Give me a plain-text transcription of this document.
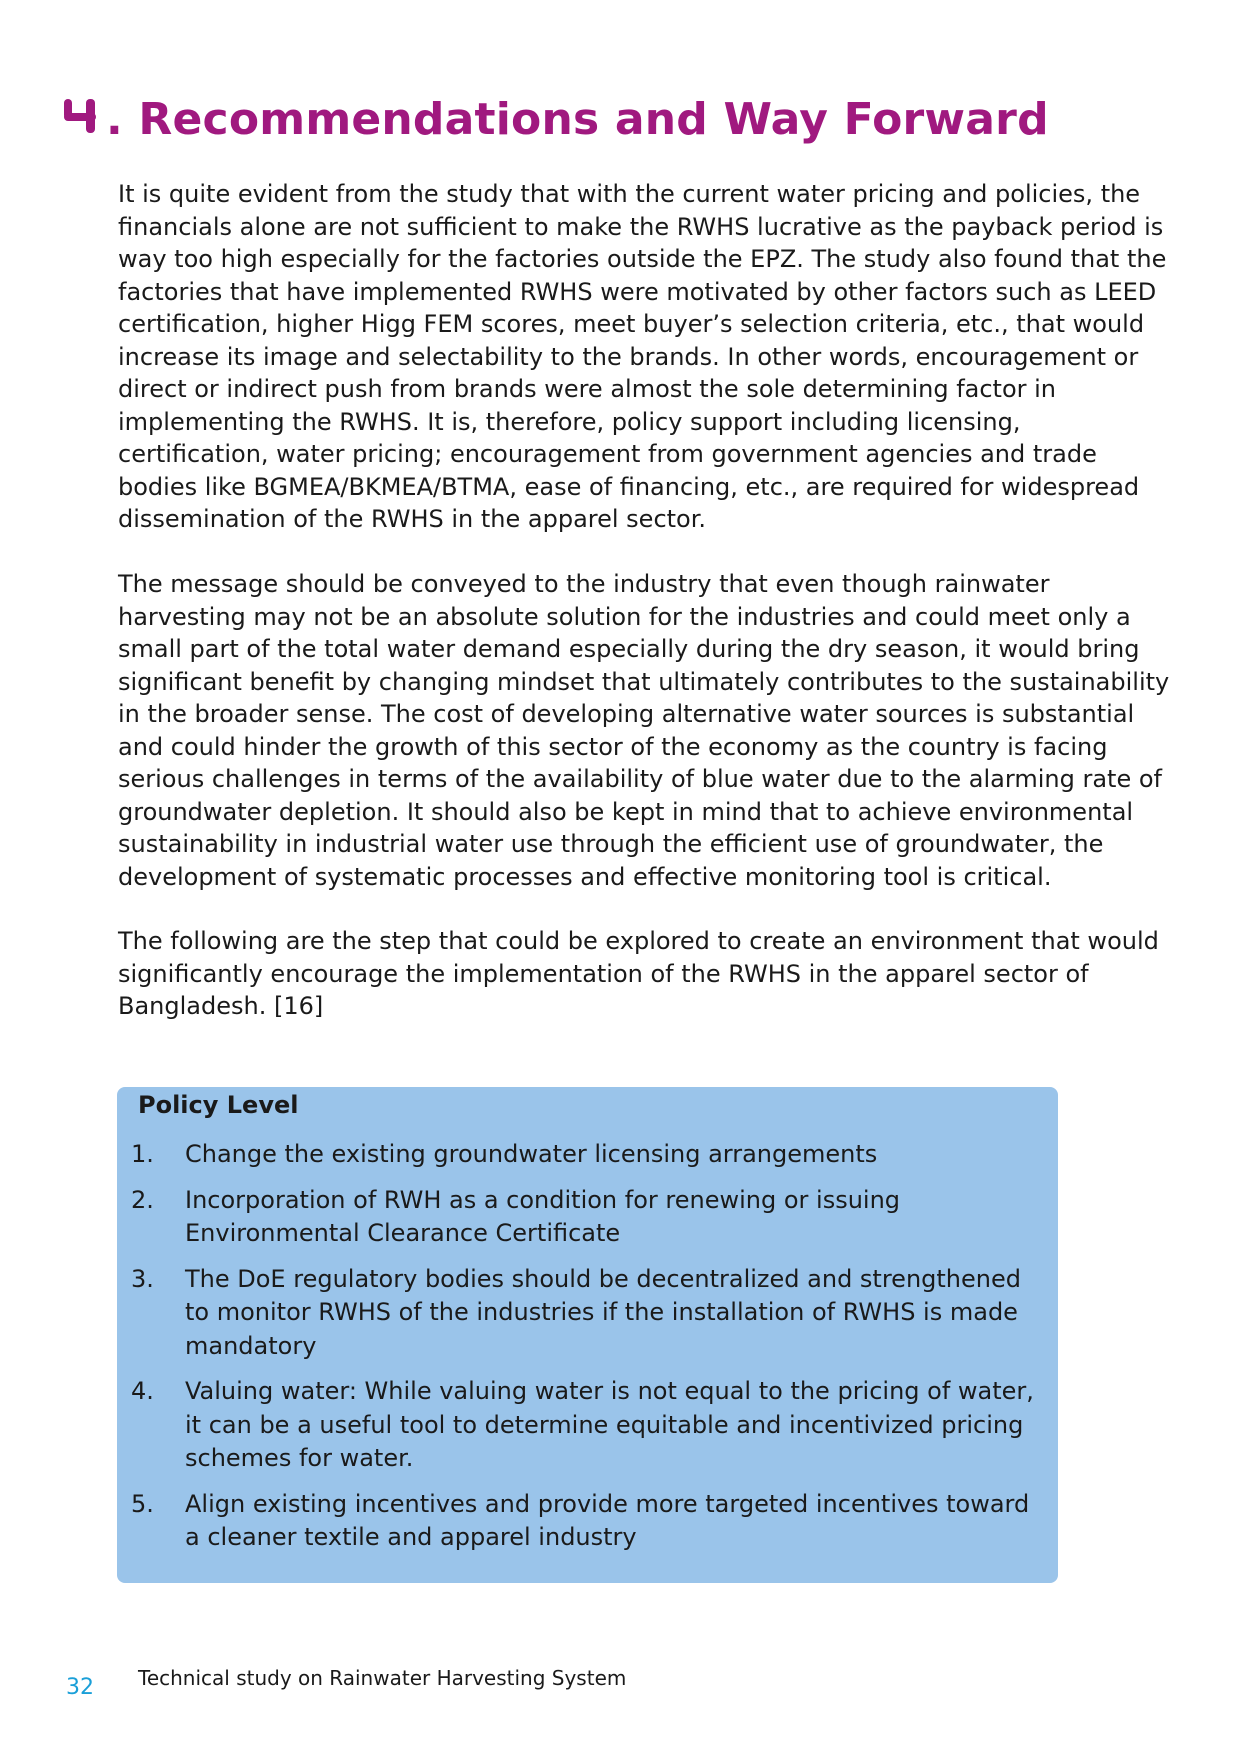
. Recommendations and Way Forward

It is quite evident from the study that with the current water pricing and policies, the financials alone are not sufficient to make the RWHS lucrative as the payback period is way too high especially for the factories outside the EPZ. The study also found that the factories that have implemented RWHS were motivated by other factors such as LEED certification, higher Higg FEM scores, meet buyer’s selection criteria, etc., that would increase its image and selectability to the brands. In other words, encouragement or direct or indirect push from brands were almost the sole determining factor in implementing the RWHS. It is, therefore, policy support including licensing, certification, water pricing; encouragement from government agencies and trade bodies like BGMEA/BKMEA/BTMA, ease of financing, etc., are required for widespread dissemination of the RWHS in the apparel sector.

The message should be conveyed to the industry that even though rainwater harvesting may not be an absolute solution for the industries and could meet only a small part of the total water demand especially during the dry season, it would bring significant benefit by changing mindset that ultimately contributes to the sustainability in the broader sense. The cost of developing alternative water sources is substantial and could hinder the growth of this sector of the economy as the country is facing serious challenges in terms of the availability of blue water due to the alarming rate of groundwater depletion. It should also be kept in mind that to achieve environmental sustainability in industrial water use through the efficient use of groundwater, the development of systematic processes and effective monitoring tool is critical.

The following are the step that could be explored to create an environment that would significantly encourage the implementation of the RWHS in the apparel sector of Bangladesh. [16]

Policy Level
1.	Change the existing groundwater licensing arrangements
2.	Incorporation of RWH as a condition for renewing or issuing Environmental Clearance Certificate
3.	The DoE regulatory bodies should be decentralized and strengthened to monitor RWHS of the industries if the installation of RWHS is made mandatory
4.	Valuing water: While valuing water is not equal to the pricing of water, it can be a useful tool to determine equitable and incentivized pricing schemes for water.
5.	Align existing incentives and provide more targeted incentives toward a cleaner textile and apparel industry
32 Technical study on Rainwater Harvesting System
